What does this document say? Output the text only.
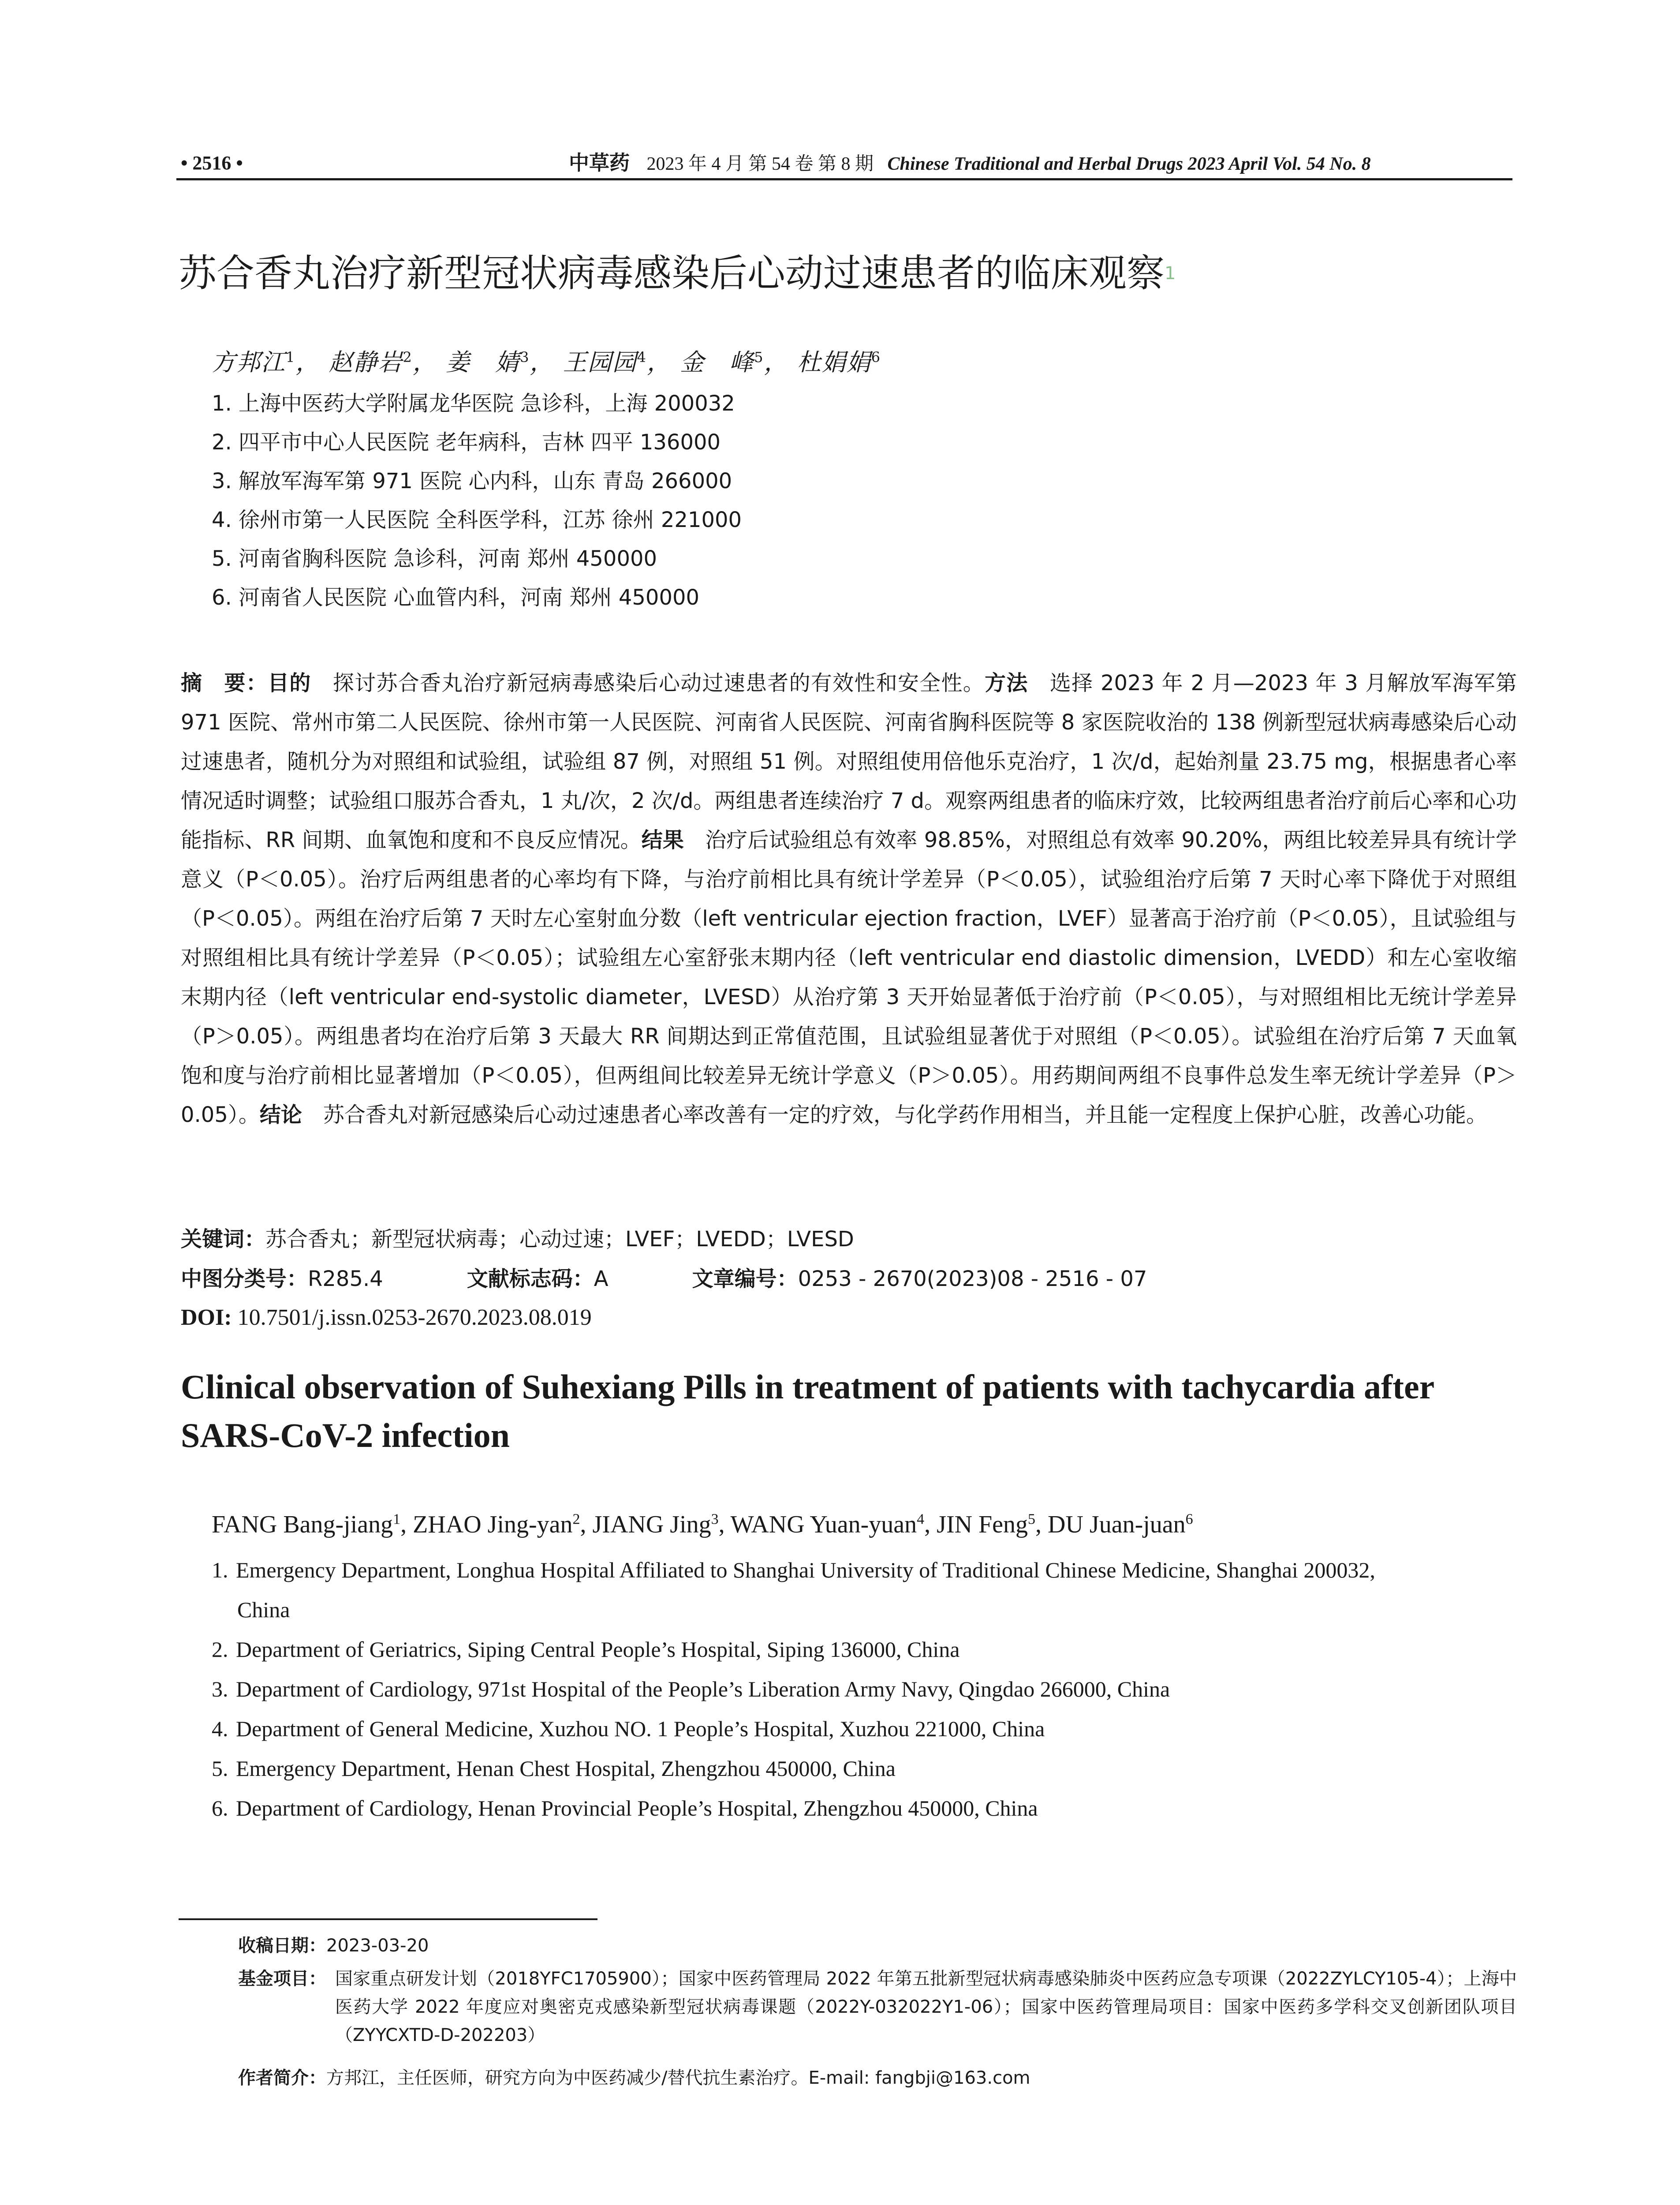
• 2516 •	中草药 2023 年 4 月 第 54 卷 第 8 期 Chinese Traditional and Herbal Drugs 2023 April Vol. 54 No. 8
苏合香丸治疗新型冠状病毒感染后心动过速患者的临床观察$^1$
方邦江$^1$， 赵静岩$^2$， 姜　婧$^3$， 王园园$^4$， 金　峰$^5$， 杜娟娟$^6$
1. 上海中医药大学附属龙华医院 急诊科，上海 200032
2. 四平市中心人民医院 老年病科，吉林 四平 136000
3. 解放军海军第 971 医院 心内科，山东 青岛 266000
4. 徐州市第一人民医院 全科医学科，江苏 徐州 221000
5. 河南省胸科医院 急诊科，河南 郑州 450000
6. 河南省人民医院 心血管内科，河南 郑州 450000

摘　要：目的　探讨苏合香丸治疗新冠病毒感染后心动过速患者的有效性和安全性。方法　选择 2023 年 2 月—2023 年 3 月解放军海军第 971 医院、常州市第二人民医院、徐州市第一人民医院、河南省人民医院、河南省胸科医院等 8 家医院收治的 138 例新型冠状病毒感染后心动过速患者，随机分为对照组和试验组，试验组 87 例，对照组 51 例。对照组使用倍他乐克治疗，1 次/d，起始剂量 23.75 mg，根据患者心率情况适时调整；试验组口服苏合香丸，1 丸/次，2 次/d。两组患者连续治疗 7 d。观察两组患者的临床疗效，比较两组患者治疗前后心率和心功能指标、RR 间期、血氧饱和度和不良反应情况。结果　治疗后试验组总有效率 98.85%，对照组总有效率 90.20%，两组比较差异具有统计学意义（P＜0.05）。治疗后两组患者的心率均有下降，与治疗前相比具有统计学差异（P＜0.05），试验组治疗后第 7 天时心率下降优于对照组（P＜0.05）。两组在治疗后第 7 天时左心室射血分数（left ventricular ejection fraction，LVEF）显著高于治疗前（P＜0.05），且试验组与对照组相比具有统计学差异（P＜0.05）；试验组左心室舒张末期内径（left ventricular end diastolic dimension，LVEDD）和左心室收缩末期内径（left ventricular end-systolic diameter，LVESD）从治疗第 3 天开始显著低于治疗前（P＜0.05），与对照组相比无统计学差异（P＞0.05）。两组患者均在治疗后第 3 天最大 RR 间期达到正常值范围，且试验组显著优于对照组（P＜0.05）。试验组在治疗后第 7 天血氧饱和度与治疗前相比显著增加（P＜0.05），但两组间比较差异无统计学意义（P＞0.05）。用药期间两组不良事件总发生率无统计学差异（P＞0.05）。结论　苏合香丸对新冠感染后心动过速患者心率改善有一定的疗效，与化学药作用相当，并且能一定程度上保护心脏，改善心功能。

关键词：苏合香丸；新型冠状病毒；心动过速；LVEF；LVEDD；LVESD
中图分类号：R285.4	文献标志码：A	文章编号：0253 - 2670(2023)08 - 2516 - 07
DOI: 10.7501/j.issn.0253-2670.2023.08.019
Clinical observation of Suhexiang Pills in treatment of patients with tachycardia after SARS-CoV-2 infection
FANG Bang-jiang$^1$, ZHAO Jing-yan$^2$, JIANG Jing$^3$, WANG Yuan-yuan$^4$, JIN Feng$^5$, DU Juan-juan$^6$
1. Emergency Department, Longhua Hospital Affiliated to Shanghai University of Traditional Chinese Medicine, Shanghai 200032,
China
2. Department of Geriatrics, Siping Central People’s Hospital, Siping 136000, China
3. Department of Cardiology, 971st Hospital of the People’s Liberation Army Navy, Qingdao 266000, China
4. Department of General Medicine, Xuzhou NO. 1 People’s Hospital, Xuzhou 221000, China
5. Emergency Department, Henan Chest Hospital, Zhengzhou 450000, China
6. Department of Cardiology, Henan Provincial People’s Hospital, Zhengzhou 450000, China
收稿日期：2023-03-20
基金项目： 国家重点研发计划（2018YFC1705900）；国家中医药管理局 2022 年第五批新型冠状病毒感染肺炎中医药应急专项课（2022ZYLCY105-4）；上海中医药大学 2022 年度应对奥密克戎感染新型冠状病毒课题（2022Y-032022Y1-06）；国家中医药管理局项目：国家中医药多学科交叉创新团队项目（ZYYCXTD-D-202203）
作者简介：方邦江，主任医师，研究方向为中医药减少/替代抗生素治疗。E-mail: fangbji@163.com
